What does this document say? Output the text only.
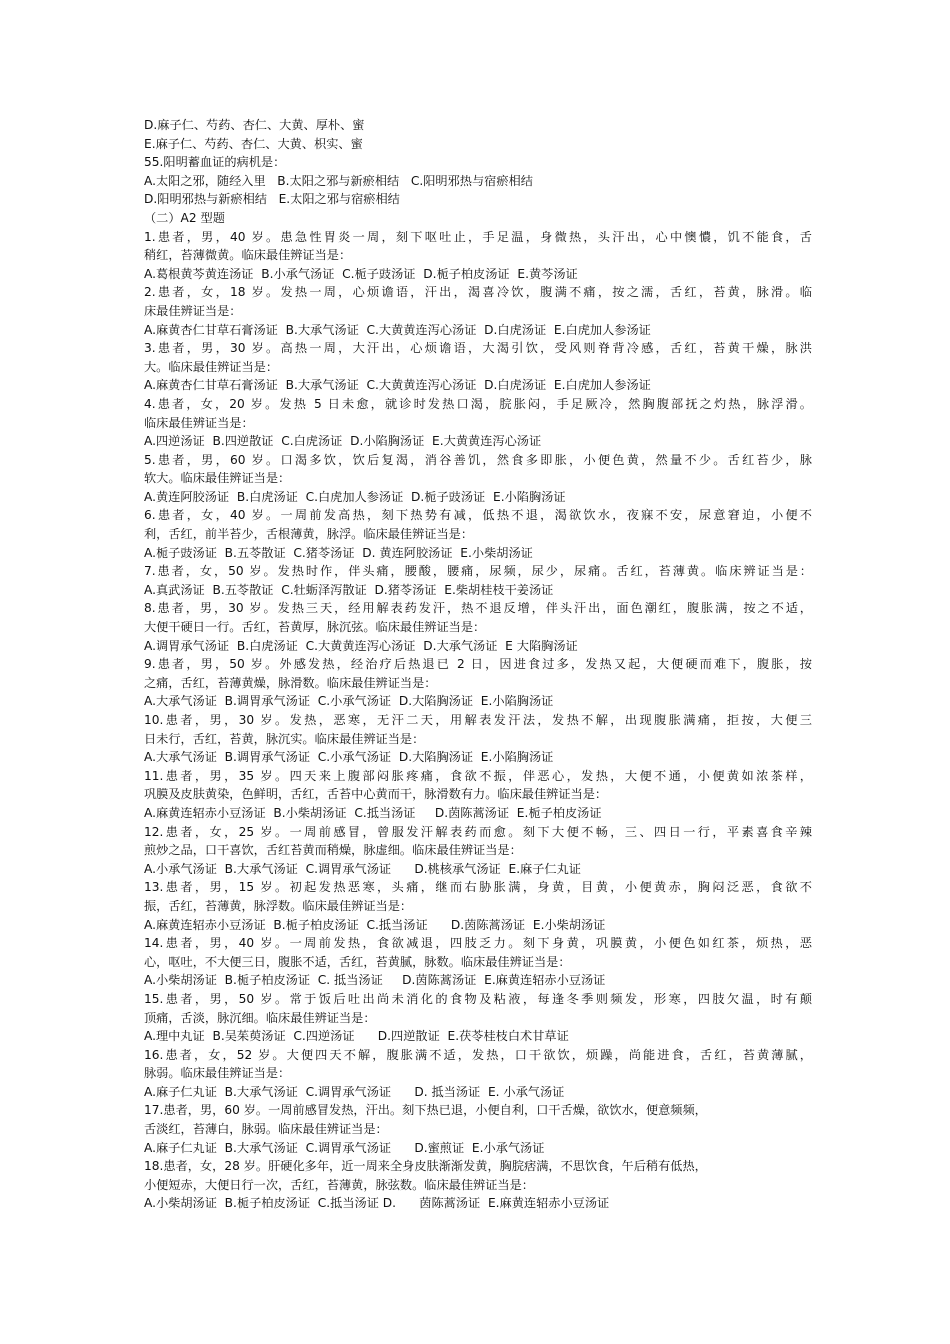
D.麻子仁、芍药、杏仁、大黄、厚朴、蜜
E.麻子仁、芍药、杏仁、大黄、枳实、蜜
55.阳明蓄血证的病机是：
A.太阳之邪，随经入里   B.太阳之邪与新瘀相结   C.阳明邪热与宿瘀相结
D.阳明邪热与新瘀相结   E.太阳之邪与宿瘀相结
（二）A2 型题
1.患者，男，40 岁。患急性胃炎一周，刻下呕吐止，手足温，身微热，头汗出，心中懊憹，饥不能食，舌
稍红，苔薄微黄。临床最佳辨证当是：
A.葛根黄芩黄连汤证  B.小承气汤证  C.栀子豉汤证  D.栀子柏皮汤证  E.黄芩汤证
2.患者，女，18 岁。发热一周，心烦谵语，汗出，渴喜冷饮，腹满不痛，按之濡，舌红，苔黄，脉滑。临
床最佳辨证当是：
A.麻黄杏仁甘草石膏汤证  B.大承气汤证  C.大黄黄连泻心汤证  D.白虎汤证  E.白虎加人参汤证
3.患者，男，30 岁。高热一周，大汗出，心烦谵语，大渴引饮，受风则脊背冷感，舌红，苔黄干燥，脉洪
大。临床最佳辨证当是：
A.麻黄杏仁甘草石膏汤证  B.大承气汤证  C.大黄黄连泻心汤证  D.白虎汤证  E.白虎加人参汤证
4.患者，女，20 岁。发热 5 日未愈，就诊时发热口渴，脘胀闷，手足厥冷，然胸腹部抚之灼热，脉浮滑。
临床最佳辨证当是：
A.四逆汤证  B.四逆散证  C.白虎汤证  D.小陷胸汤证  E.大黄黄连泻心汤证
5.患者，男，60 岁。口渴多饮，饮后复渴，消谷善饥，然食多即胀，小便色黄，然量不少。舌红苔少，脉
软大。临床最佳辨证当是：
A.黄连阿胶汤证  B.白虎汤证  C.白虎加人参汤证  D.栀子豉汤证  E.小陷胸汤证
6.患者，女，40 岁。一周前发高热，刻下热势有减，低热不退，渴欲饮水，夜寐不安，尿意窘迫，小便不
利，舌红，前半苔少，舌根薄黄，脉浮。临床最佳辨证当是：
A.栀子豉汤证  B.五苓散证  C.猪苓汤证  D. 黄连阿胶汤证  E.小柴胡汤证
7.患者，女，50 岁。发热时作，伴头痛，腰酸，腰痛，尿频，尿少，尿痛。舌红，苔薄黄。临床辨证当是：
A.真武汤证  B.五苓散证  C.牡蛎泽泻散证  D.猪苓汤证  E.柴胡桂枝干姜汤证
8.患者，男，30 岁。发热三天，经用解表药发汗，热不退反增，伴头汗出，面色潮红，腹胀满，按之不适，
大便干硬日一行。舌红，苔黄厚，脉沉弦。临床最佳辨证当是：
A.调胃承气汤证  B.白虎汤证  C.大黄黄连泻心汤证  D.大承气汤证  E 大陷胸汤证
9.患者，男，50 岁。外感发热，经治疗后热退已 2 日，因进食过多，发热又起，大便硬而难下，腹胀，按
之痛，舌红，苔薄黄燥，脉滑数。临床最佳辨证当是：
A.大承气汤证  B.调胃承气汤证  C.小承气汤证  D.大陷胸汤证  E.小陷胸汤证
10.患者，男，30 岁。发热，恶寒，无汗二天，用解表发汗法，发热不解，出现腹胀满痛，拒按，大便三
日未行，舌红，苔黄，脉沉实。临床最佳辨证当是：
A.大承气汤证  B.调胃承气汤证  C.小承气汤证  D.大陷胸汤证  E.小陷胸汤证
11.患者，男，35 岁。四天来上腹部闷胀疼痛，食欲不振，伴恶心，发热，大便不通，小便黄如浓茶样，
巩膜及皮肤黄染，色鲜明，舌红，舌苔中心黄而干，脉滑数有力。临床最佳辨证当是：
A.麻黄连轺赤小豆汤证  B.小柴胡汤证  C.抵当汤证     D.茵陈蒿汤证  E.栀子柏皮汤证
12.患者，女，25 岁。一周前感冒，曾服发汗解表药而愈。刻下大便不畅，三、四日一行，平素喜食辛辣
煎炒之品，口干喜饮，舌红苔黄而稍燥，脉虚细。临床最佳辨证当是：
A.小承气汤证  B.大承气汤证  C.调胃承气汤证      D.桃核承气汤证  E.麻子仁丸证
13.患者，男，15 岁。初起发热恶寒，头痛，继而右胁胀满，身黄，目黄，小便黄赤，胸闷泛恶，食欲不
振，舌红，苔薄黄，脉浮数。临床最佳辨证当是：
A.麻黄连轺赤小豆汤证  B.栀子柏皮汤证  C.抵当汤证      D.茵陈蒿汤证  E.小柴胡汤证
14.患者，男，40 岁。一周前发热，食欲减退，四肢乏力。刻下身黄，巩膜黄，小便色如红茶，烦热，恶
心，呕吐，不大便三日，腹胀不适，舌红，苔黄腻，脉数。临床最佳辨证当是：
A.小柴胡汤证  B.栀子柏皮汤证  C. 抵当汤证     D.茵陈蒿汤证  E.麻黄连轺赤小豆汤证
15.患者，男，50 岁。常于饭后吐出尚未消化的食物及粘液，每逢冬季则频发，形寒，四肢欠温，时有颠
顶痛，舌淡，脉沉细。临床最佳辨证当是：
A.理中丸证  B.吴茱萸汤证  C.四逆汤证      D.四逆散证  E.茯苓桂枝白术甘草证
16.患者，女，52 岁。大便四天不解，腹胀满不适，发热，口干欲饮，烦躁，尚能进食，舌红，苔黄薄腻，
脉弱。临床最佳辨证当是：
A.麻子仁丸证  B.大承气汤证  C.调胃承气汤证      D. 抵当汤证  E. 小承气汤证
17.患者，男，60 岁。一周前感冒发热，汗出。刻下热已退，小便自利，口干舌燥，欲饮水，便意频频，
舌淡红，苔薄白，脉弱。临床最佳辨证当是：
A.麻子仁丸证  B.大承气汤证  C.调胃承气汤证      D.蜜煎证  E.小承气汤证
18.患者，女，28 岁。肝硬化多年，近一周来全身皮肤渐渐发黄，胸脘痞满，不思饮食，午后稍有低热，
小便短赤，大便日行一次，舌红，苔薄黄，脉弦数。临床最佳辨证当是：
A.小柴胡汤证  B.栀子柏皮汤证  C.抵当汤证 D.      茵陈蒿汤证  E.麻黄连轺赤小豆汤证
